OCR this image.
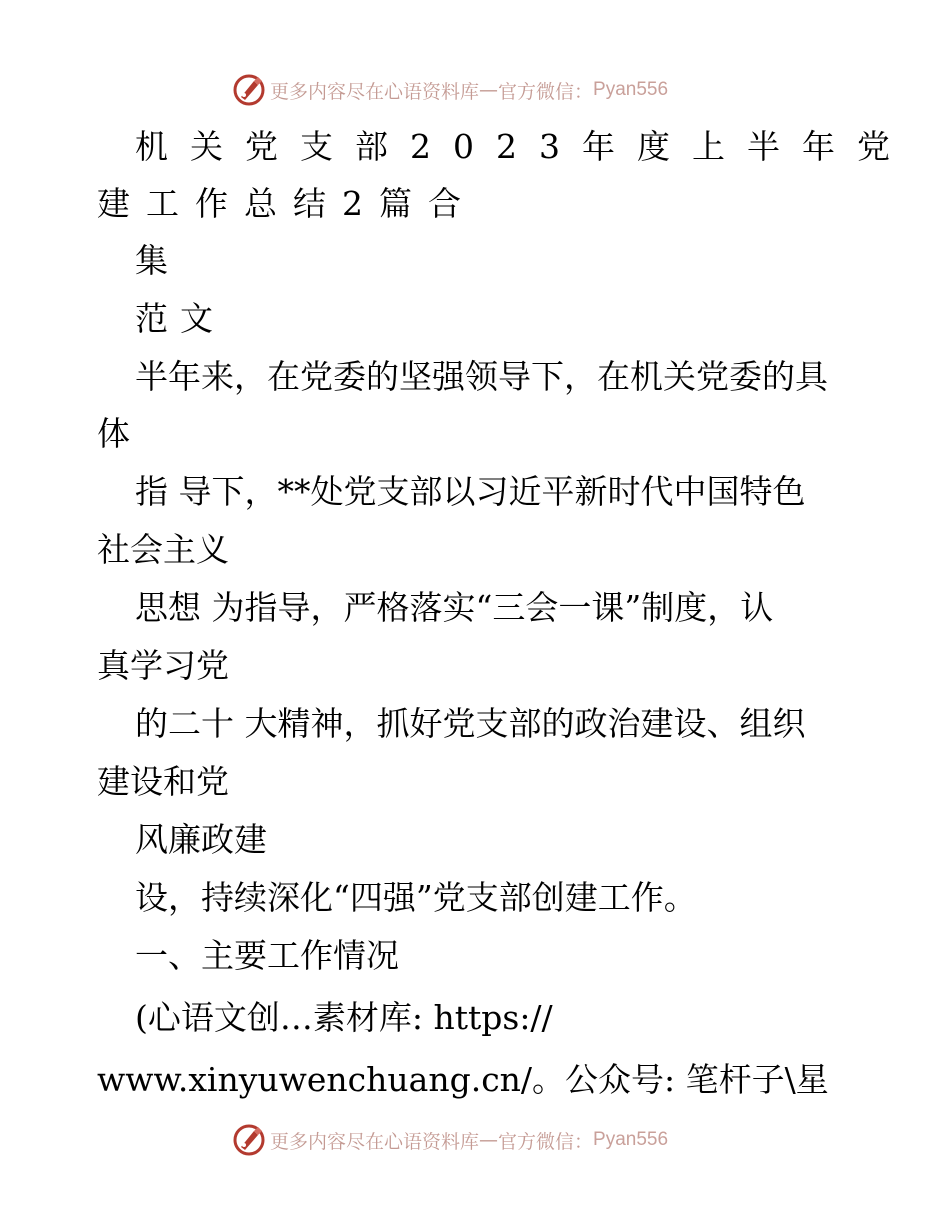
更多内容尽在心语资料库 — 官方微信： Pyan556
机关党支部2023年度上半年党
建工作总结2篇合
集
范文
半年来，在党委的坚强领导下，在机关党委的具
体
指 导下，**处党支部以习近平新时代中国特色
社会主义
思想 为指导，严格落实“三会一课”制度，认
真学习党
的二十 大精神，抓好党支部的政治建设、组织
建设和党
风廉政建
设，持续深化“四强”党支部创建工作。
一、主要工作情况
(心语文创…素材库: https://
www.xinyuwenchuang.cn/。公众号: 笔杆子\星
更多内容尽在心语资料库 — 官方微信： Pyan556
